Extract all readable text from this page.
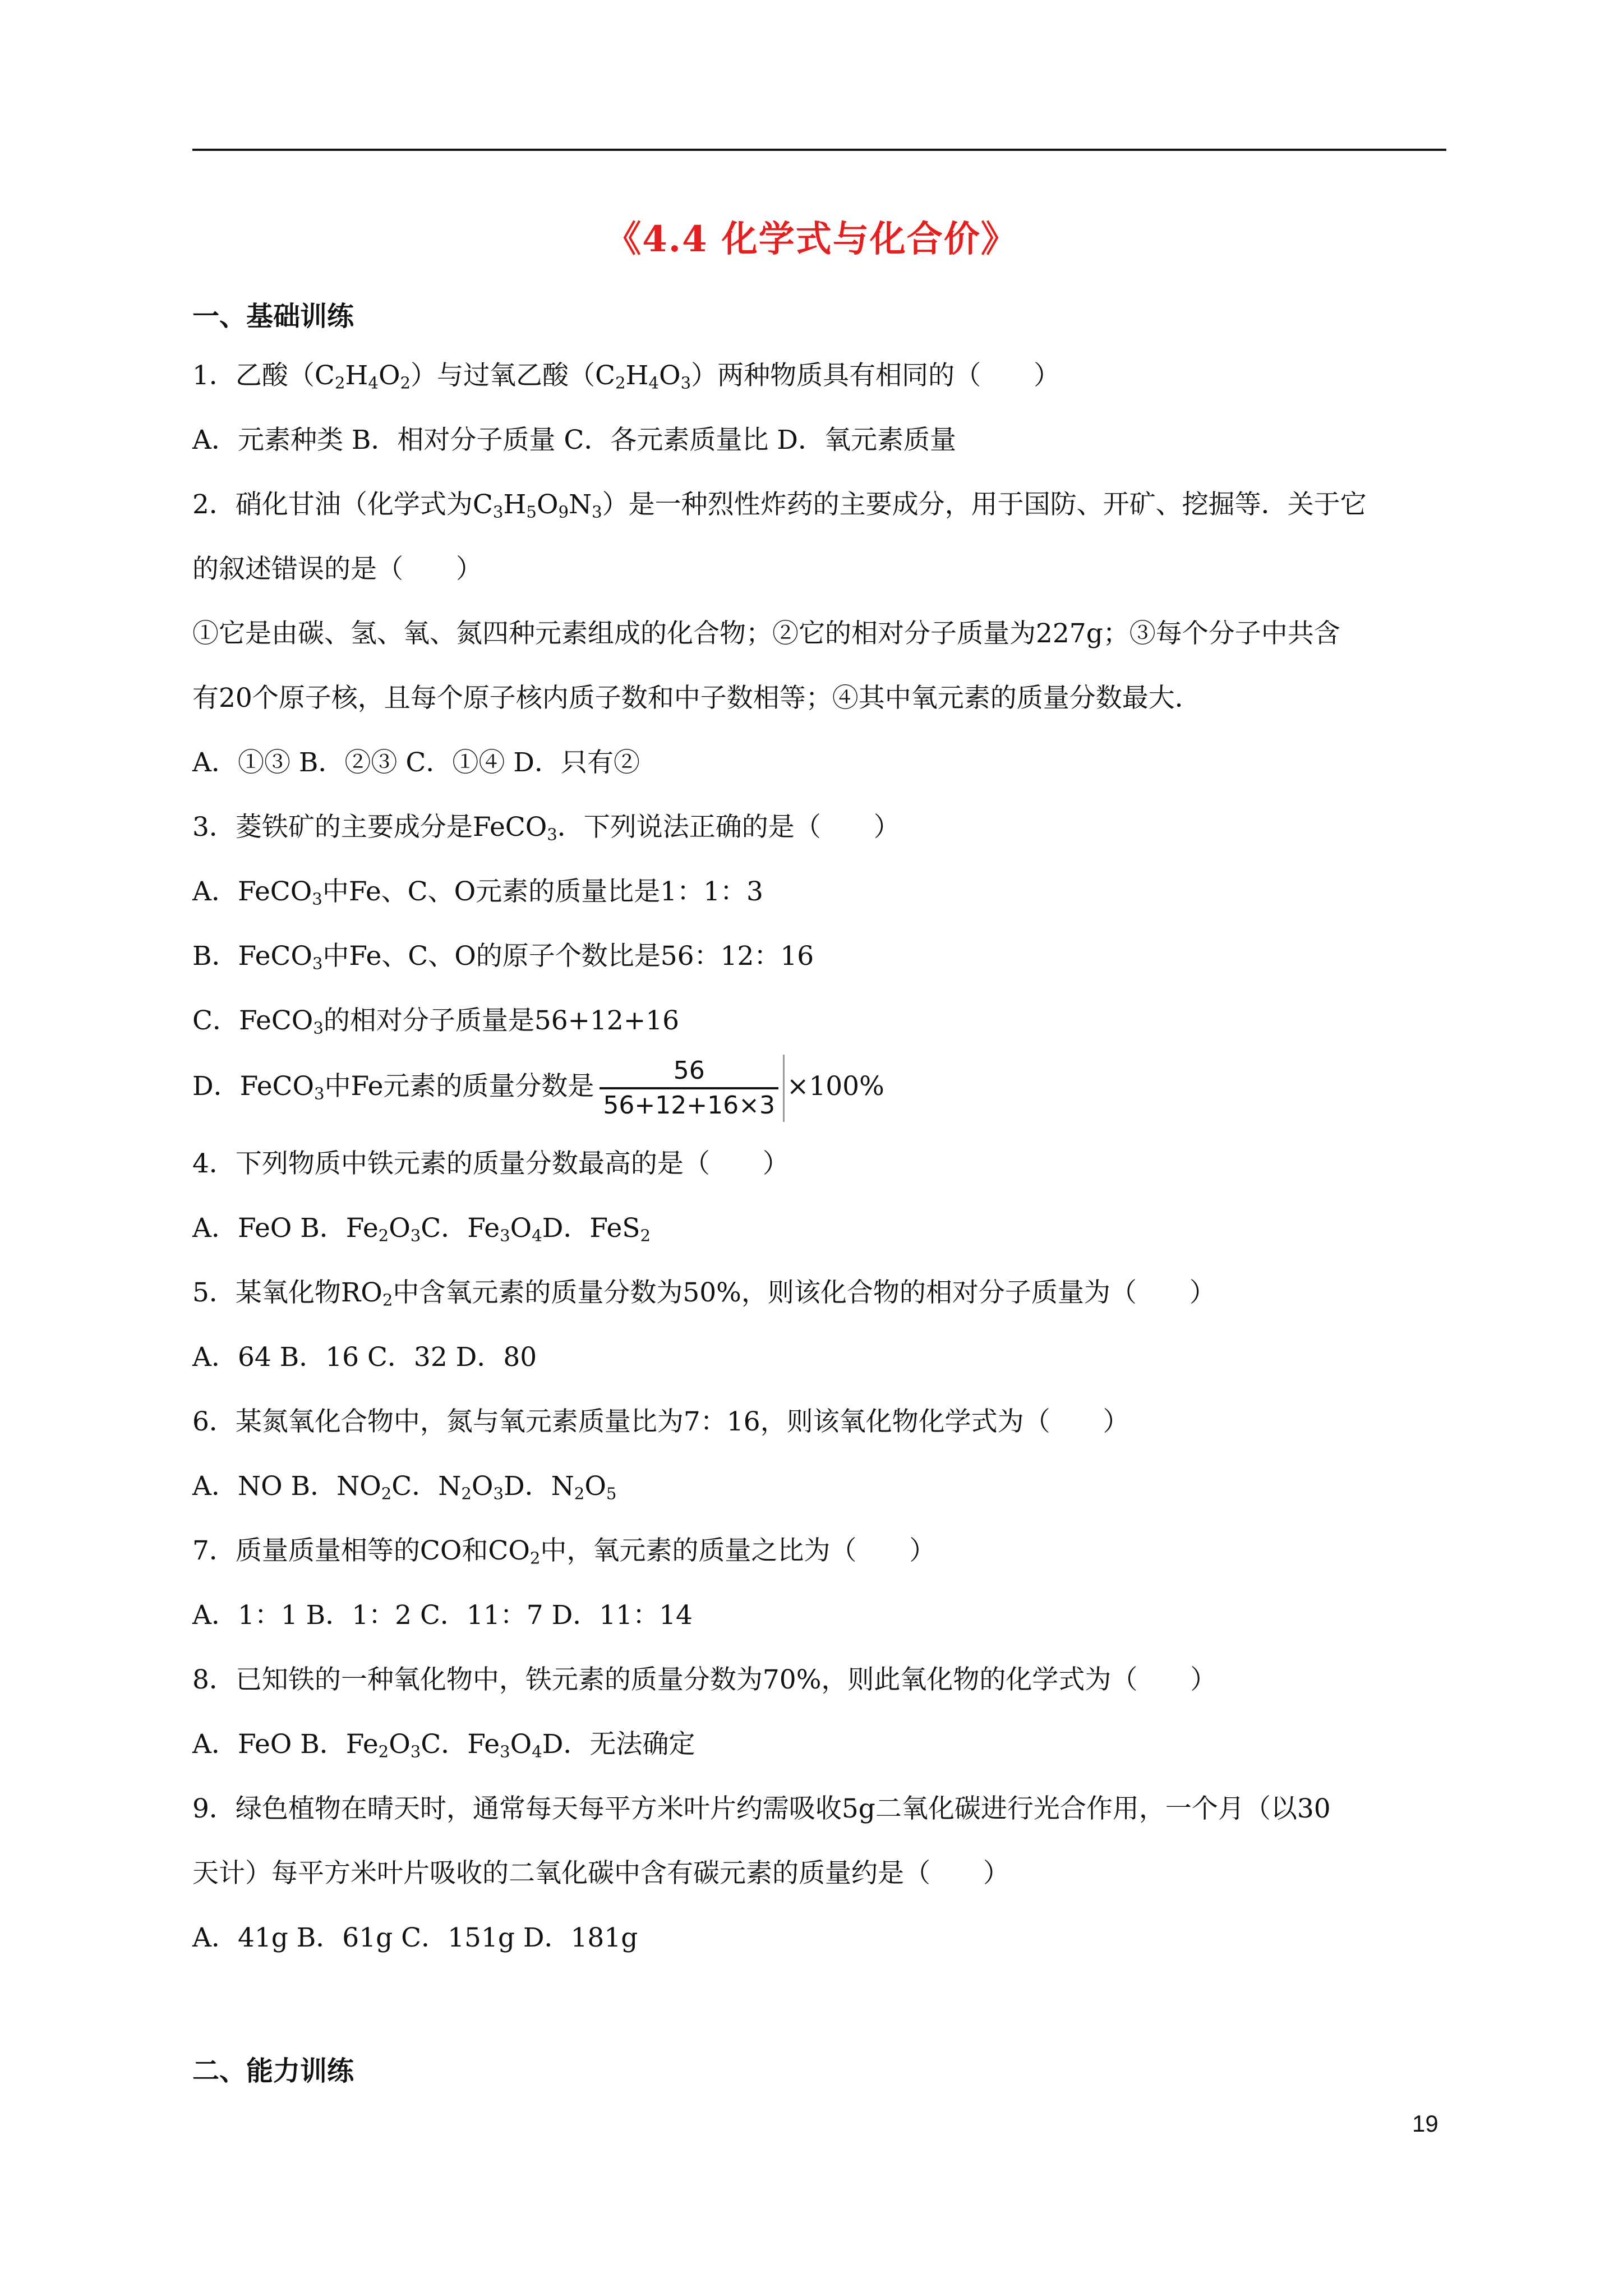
《4.4 化学式与化合价》
一、基础训练
1．乙酸$(C_2H_4O_2)$与过氧乙酸$(C_2H_4O_3)$两种物质具有相同的（　　）
A．元素种类 B．相对分子质量 C．各元素质量比 D．氧元素质量
2．硝化甘油（化学式为$C_3H_5O_9N_3$）是一种烈性炸药的主要成分，用于国防、开矿、挖掘等．关于它
的叙述错误的是（　　）
①它是由碳、氢、氧、氮四种元素组成的化合物；②它的相对分子质量为227g；③每个分子中共含
有20个原子核，且每个原子核内质子数和中子数相等；④其中氧元素的质量分数最大．
A．①③ B．②③ C．①④ D．只有②
3．菱铁矿的主要成分是FeCO$_3$．下列说法正确的是（　　）
A．FeCO$_3$中Fe、C、O元素的质量比是1：1：3
B．FeCO$_3$中Fe、C、O的原子个数比是56：12：16
C．FeCO$_3$的相对分子质量是56+12+16
D．FeCO$_3$中Fe元素的质量分数是 $\frac{56}{56+12+16\times 3} \times 100\%$
4．下列物质中铁元素的质量分数最高的是（　　）
A．FeO B．$Fe_2O_3C$．$Fe_3O_4D$．FeS$_2$
5．某氧化物$RO_2$中含氧元素的质量分数为50%，则该化合物的相对分子质量为（　　）
A．64 B．16 C．32 D．80
6．某氮氧化合物中，氮与氧元素质量比为7：16，则该氧化物化学式为（　　）
A．NO B．$NO_2C$．$N_2O_3D$．$N_2O_5$
7．质量质量相等的CO和$CO_2$中，氧元素的质量之比为（　　）
A．1：1 B．1：2 C．11：7 D．11：14
8．已知铁的一种氧化物中，铁元素的质量分数为70%，则此氧化物的化学式为（　　）
A．FeO B．$Fe_2O_3C$．$Fe_3O_4D$．无法确定
9．绿色植物在晴天时，通常每天每平方米叶片约需吸收5g二氧化碳进行光合作用，一个月（以30
天计）每平方米叶片吸收的二氧化碳中含有碳元素的质量约是（　　）
A．41g B．61g C．151g D．181g
二、能力训练
19
